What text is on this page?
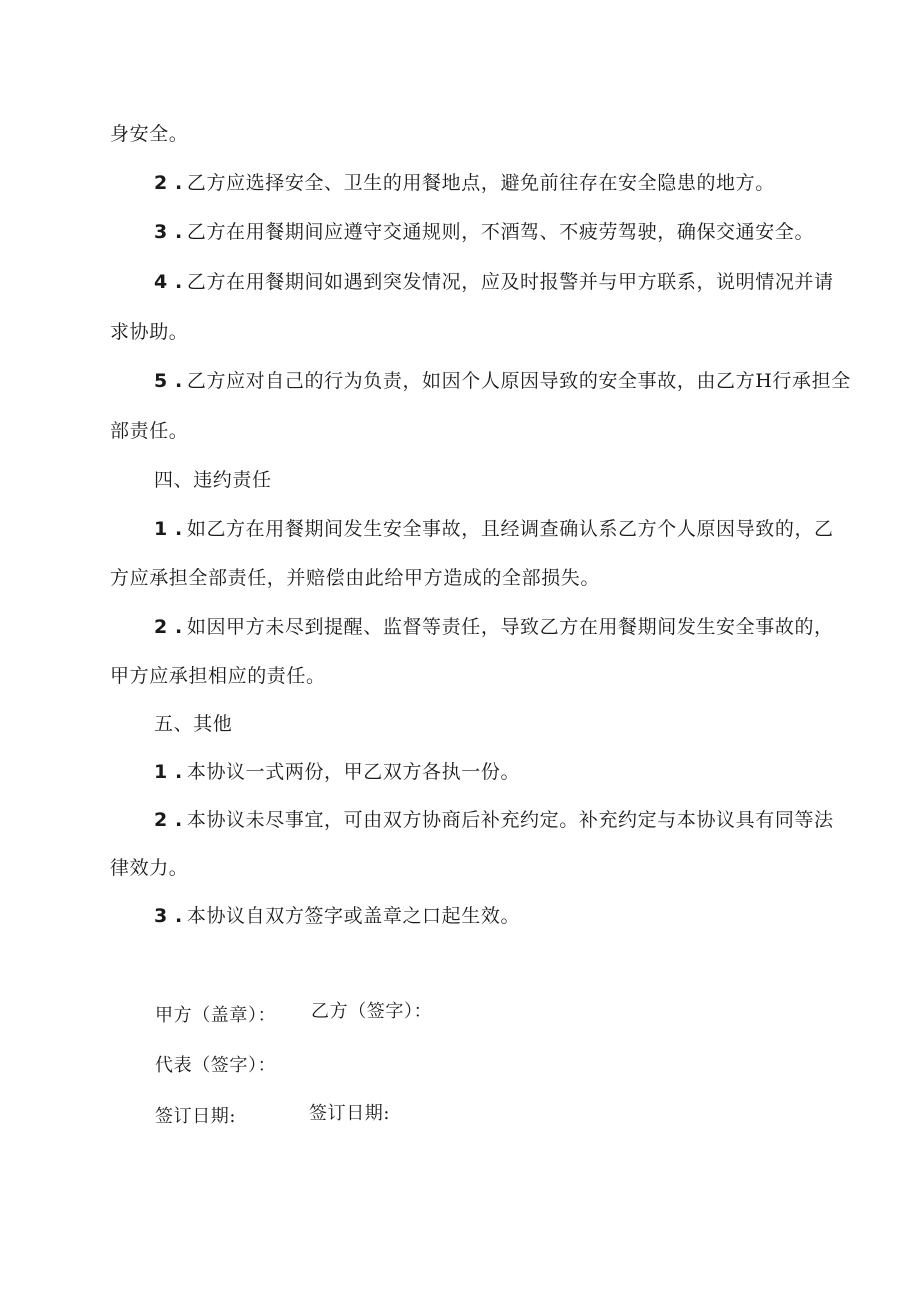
身安全。
2 . 乙方应选择安全、卫生的用餐地点，避免前往存在安全隐患的地方。
3 . 乙方在用餐期间应遵守交通规则，不酒驾、不疲劳驾驶，确保交通安全。
4 . 乙方在用餐期间如遇到突发情况，应及时报警并与甲方联系，说明情况并请
求协助。
5 . 乙方应对自己的行为负责，如因个人原因导致的安全事故，由乙方H行承担全
部责任。
四、违约责任
1 . 如乙方在用餐期间发生安全事故，且经调查确认系乙方个人原因导致的，乙
方应承担全部责任，并赔偿由此给甲方造成的全部损失。
2 . 如因甲方未尽到提醒、监督等责任，导致乙方在用餐期间发生安全事故的，
甲方应承担相应的责任。
五、其他
1 . 本协议一式两份，甲乙双方各执一份。
2 . 本协议未尽事宜，可由双方协商后补充约定。补充约定与本协议具有同等法
律效力。
3 . 本协议自双方签字或盖章之口起生效。
甲方（盖章）： 乙方（签字）：
代表（签字）：
签订日期:	签订日期:
